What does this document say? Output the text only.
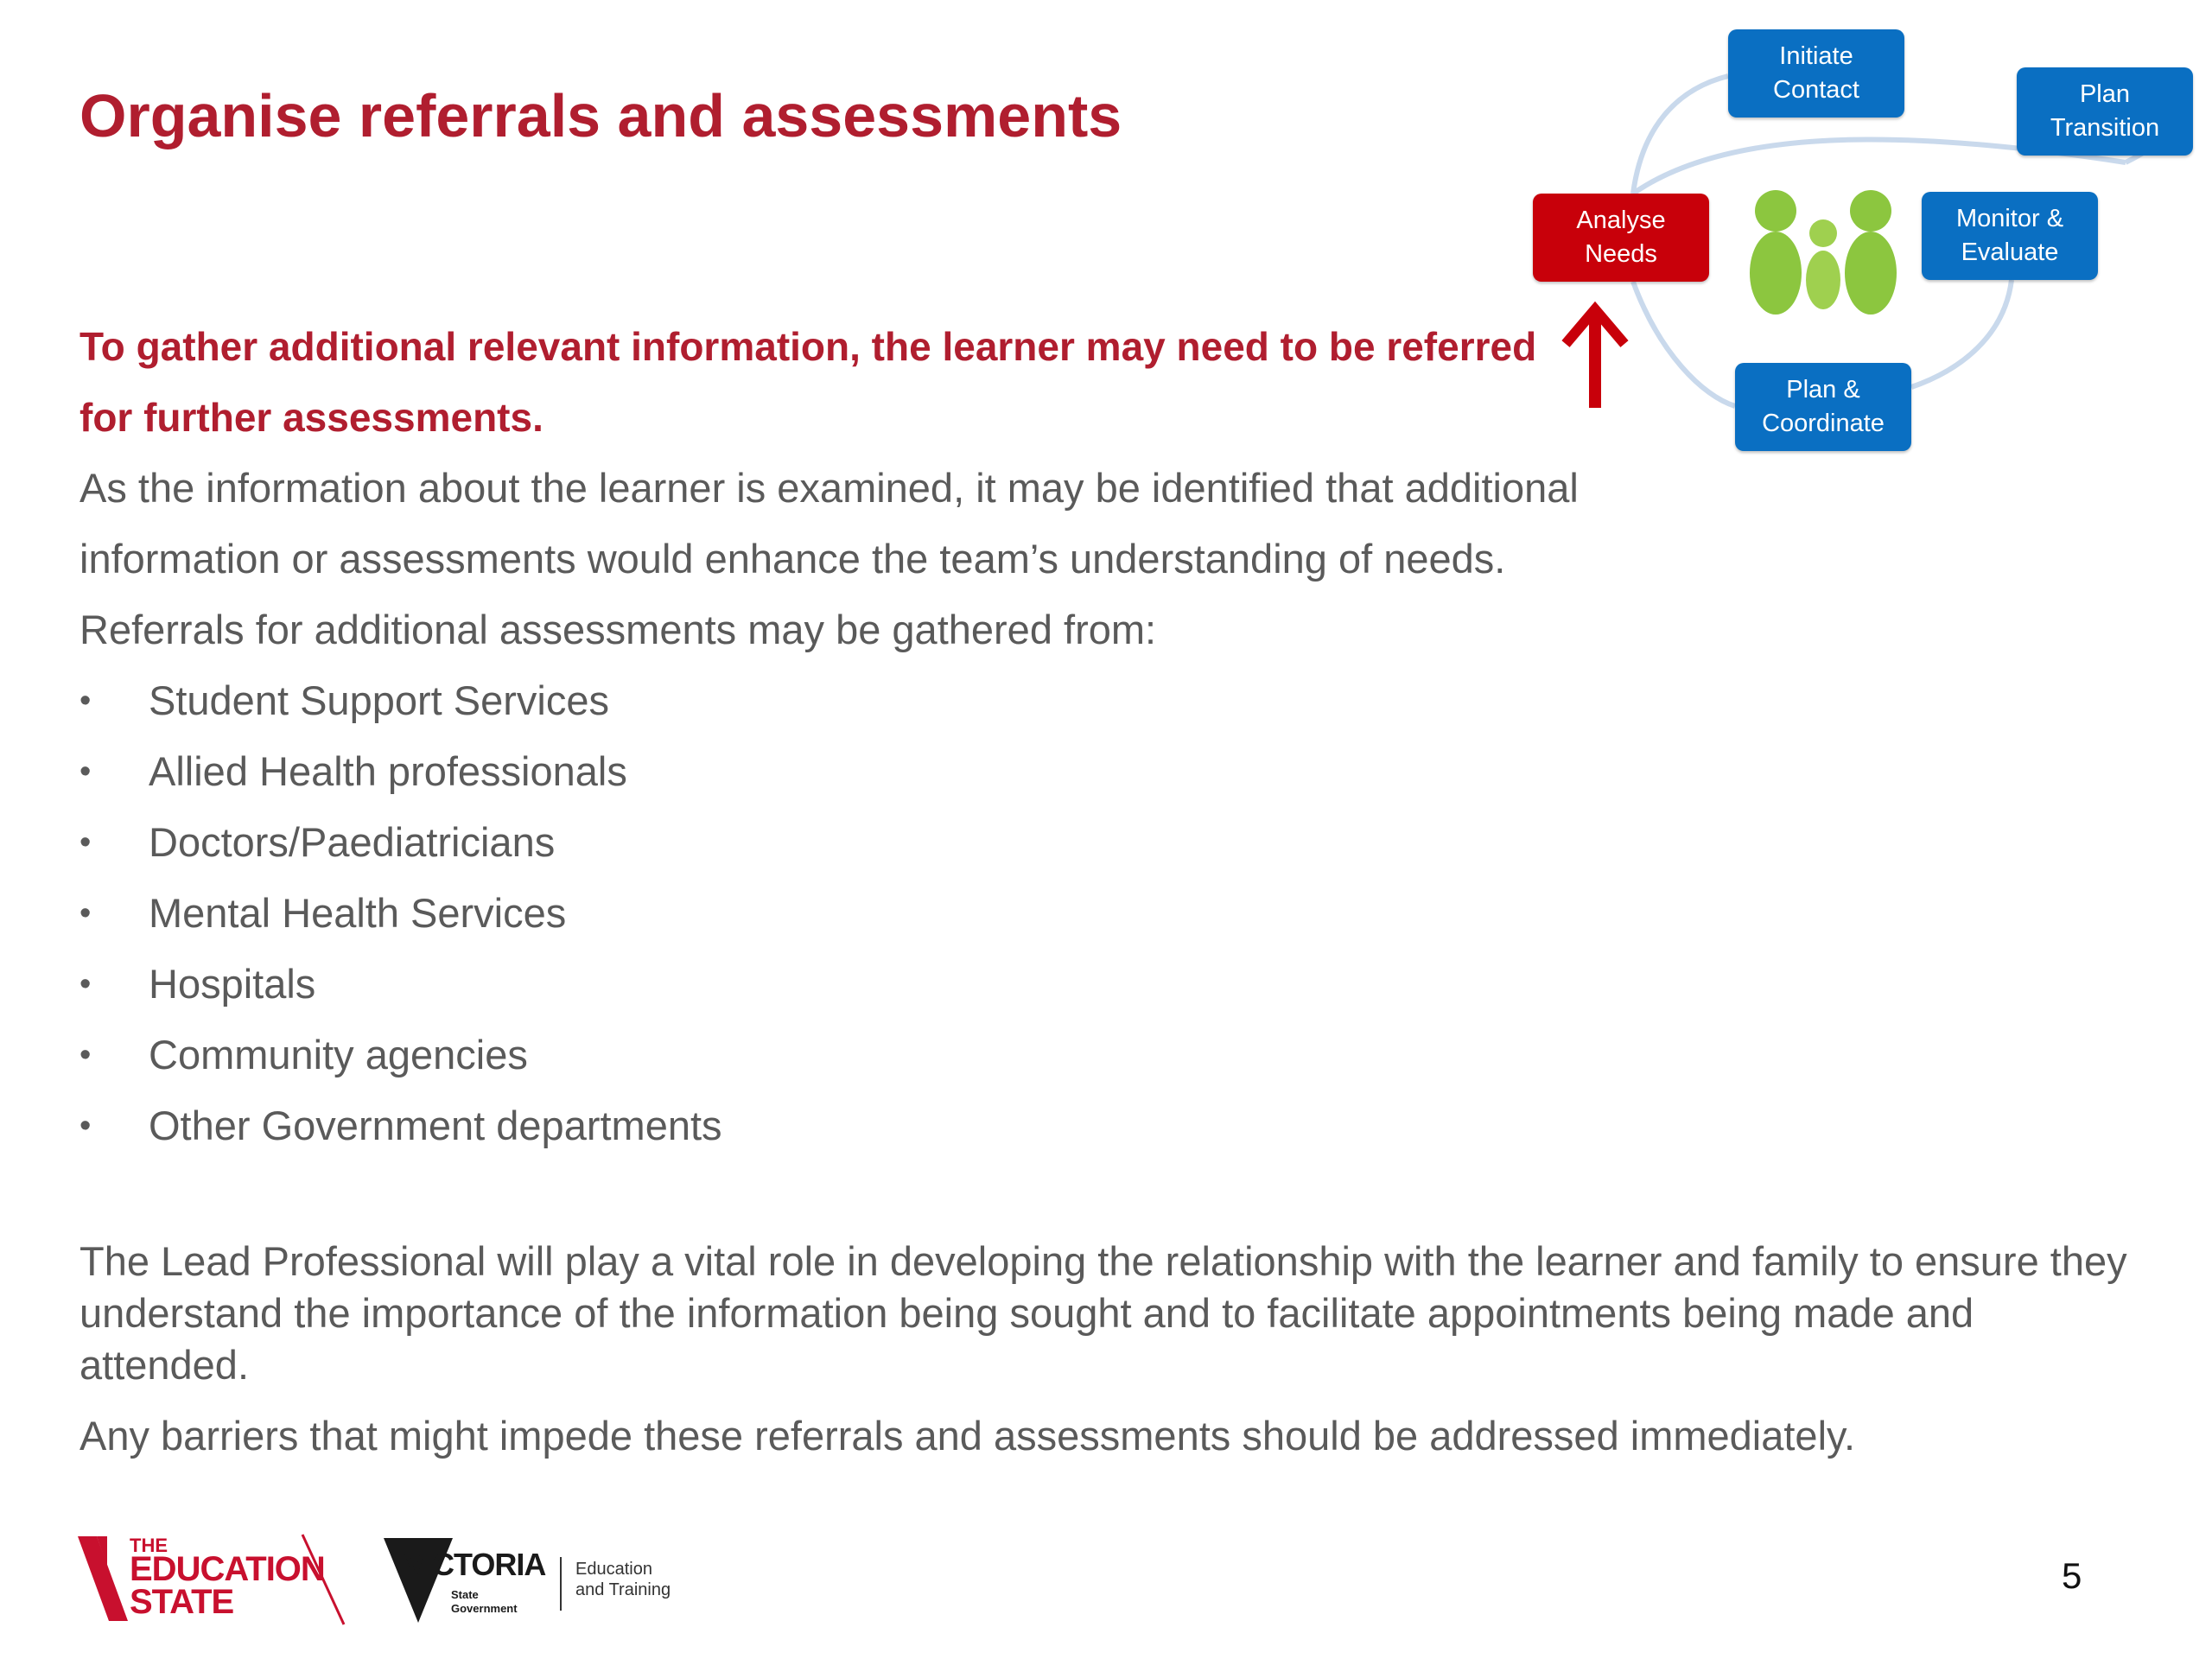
Organise referrals and assessments
Initiate
Contact	Plan
Transition
Analyse
Needs
Monitor &
Evaluate
Plan &
Coordinate

To gather additional relevant information, the learner may need to be referred for further assessments.

As the information about the learner is examined, it may be identified that additional information or assessments would enhance the team’s understanding of needs.

Referrals for additional assessments may be gathered from:

• Student Support Services
• Allied Health professionals
• Doctors/Paediatricians
• Mental Health Services
• Hospitals
• Community agencies
• Other Government departments

The Lead Professional will play a vital role in developing the relationship with the learner and family to ensure they understand the importance of the information being sought and to facilitate appointments being made and attended.

Any barriers that might impede these referrals and assessments should be addressed immediately.

THE
EDUCATION
STATE
VICTORIA
State
Government
Education
and Training	5
